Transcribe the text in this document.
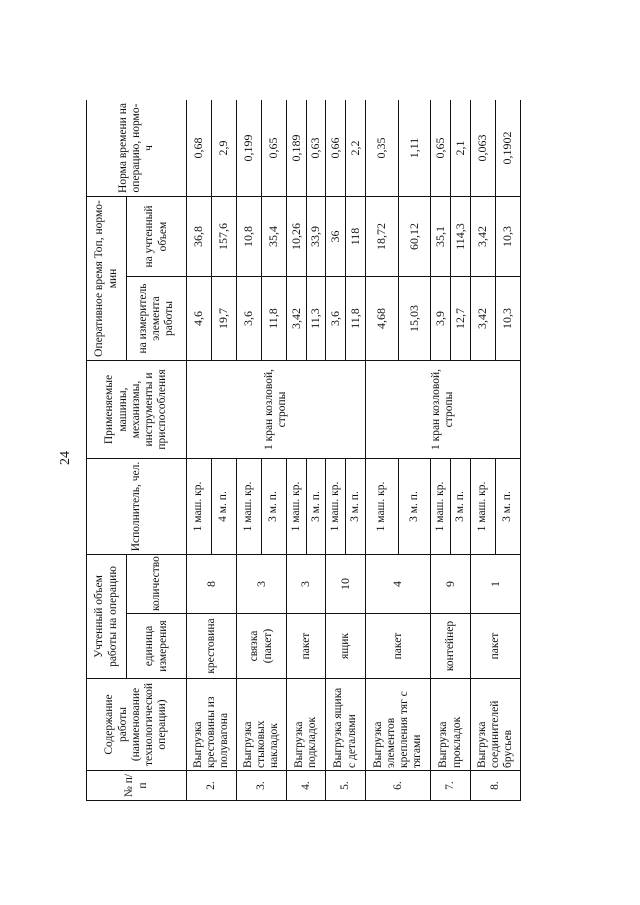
24
№ п/п	Содержание работы (наименование технологической операции)	Учтенный объем работы на операцию		Исполнитель, чел.	Применяемые машины, механизмы, инструменты и приспособления	Оперативное время Топ, нормо-мин		Норма времени на операцию, нормо-ч
		единица измерения	количество			на измеритель элемента работы	на учтенный объем	
2.	Выгрузка крестовины из полувагона	крестовина	8	1 маш. кр.	1 кран козловой, стропы	4,6	36,8	0,68
				4 м. п.		19,7	157,6	2,9
3.	Выгрузка стыковых накладок	связка (пакет)	3	1 маш. кр.		3,6	10,8	0,199
				3 м. п.		11,8	35,4	0,65
4.	Выгрузка подкладок	пакет	3	1 маш. кр.		3,42	10,26	0,189
				3 м. п.		11,3	33,9	0,63
5.	Выгрузка ящика с деталями	ящик	10	1 маш. кр.		3,6	36	0,66
				3 м. п.		11,8	118	2,2
6.	Выгрузка элементов крепления тяг с тягами	пакет	4	1 маш. кр.	1 кран козловой, стропы	4,68	18,72	0,35
				3 м. п.		15,03	60,12	1,11
7.	Выгрузка прокладок	контейнер	9	1 маш. кр.		3,9	35,1	0,65
				3 м. п.		12,7	114,3	2,1
8.	Выгрузка соединителей брусьев	пакет	1	1 маш. кр.		3,42	3,42	0,063
				3 м. п.		10,3	10,3	0,1902
